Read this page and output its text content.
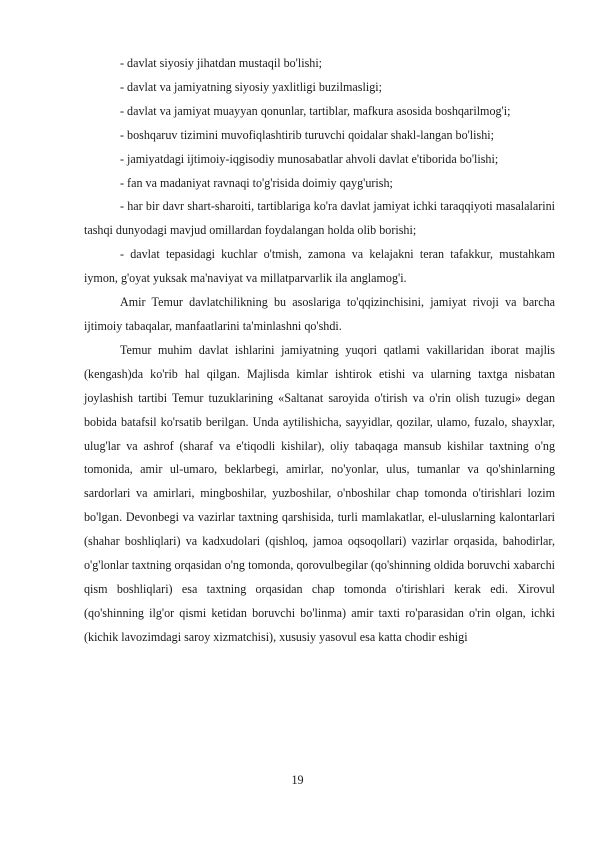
- davlat siyosiy jihatdan mustaqil bo'lishi;

- davlat va jamiyatning siyosiy yaxlitligi buzilmasligi;

- davlat va jamiyat muayyan qonunlar, tartiblar, mafkura asosida boshqarilmog'i;

- boshqaruv tizimini muvofiqlashtirib turuvchi qoidalar shakl-langan bo'lishi;

- jamiyatdagi ijtimoiy-iqgisodiy munosabatlar ahvoli davlat e'tiborida bo'lishi;

- fan va madaniyat ravnaqi to'g'risida doimiy qayg'urish;

- har bir davr shart-sharoiti, tartiblariga ko'ra davlat jamiyat ichki taraqqiyoti masalalarini tashqi dunyodagi mavjud omillardan foydalangan holda olib borishi;

- davlat tepasidagi kuchlar o'tmish, zamona va kelajakni teran tafakkur, mustahkam iymon, g'oyat yuksak ma'naviyat va millatparvarlik ila anglamog'i.

Amir Temur davlatchilikning bu asoslariga to'qqizinchisini, jamiyat rivoji va barcha ijtimoiy tabaqalar, manfaatlarini ta'minlashni qo'shdi.

Temur muhim davlat ishlarini jamiyatning yuqori qatlami vakillaridan iborat majlis (kengash)da ko'rib hal qilgan. Majlisda kimlar ishtirok etishi va ularning taxtga nisbatan joylashish tartibi Temur tuzuklarining «Saltanat saroyida o'tirish va o'rin olish tuzugi» degan bobida batafsil ko'rsatib berilgan. Unda aytilishicha, sayyidlar, qozilar, ulamo, fuzalo, shayxlar, ulug'lar va ashrof (sharaf va e'tiqodli kishilar), oliy tabaqaga mansub kishilar taxtning o'ng tomonida, amir ul-umaro, beklarbegi, amirlar, no'yonlar, ulus, tumanlar va qo'shinlarning sardorlari va amirlari, mingboshilar, yuzboshilar, o'nboshilar chap tomonda o'tirishlari lozim bo'lgan. Devonbegi va vazirlar taxtning qarshisida, turli mamlakatlar, el-uluslarning kalontarlari (shahar boshliqlari) va kadxudolari (qishloq, jamoa oqsoqollari) vazirlar orqasida, bahodirlar, o'g'lonlar taxtning orqasidan o'ng tomonda, qorovulbegilar (qo'shinning oldida boruvchi xabarchi qism boshliqlari) esa taxtning orqasidan chap tomonda o'tirishlari kerak edi. Xirovul (qo'shinning ilg'or qismi ketidan boruvchi bo'linma) amir taxti ro'parasidan o'rin olgan, ichki (kichik lavozimdagi saroy xizmatchisi), xususiy yasovul esa katta chodir eshigi

19
